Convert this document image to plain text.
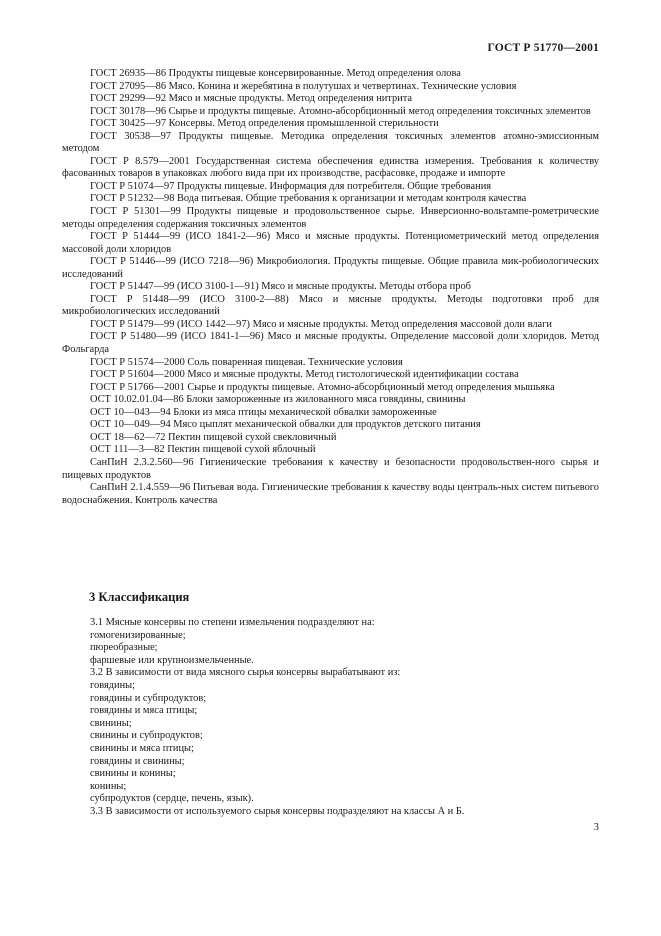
ГОСТ Р 51770—2001

ГОСТ 26935—86 Продукты пищевые консервированные. Метод определения олова

ГОСТ 27095—86 Мясо. Конина и жеребятина в полутушах и четвертинах. Технические условия

ГОСТ 29299—92 Мясо и мясные продукты. Метод определения нитрита

ГОСТ 30178—96 Сырье и продукты пищевые. Атомно-абсорбционный метод определения токсичных элементов

ГОСТ 30425—97 Консервы. Метод определения промышленной стерильности

ГОСТ 30538—97 Продукты пищевые. Методика определения токсичных элементов атомно-эмиссионным методом

ГОСТ Р 8.579—2001 Государственная система обеспечения единства измерения. Требования к количеству фасованных товаров в упаковках любого вида при их производстве, расфасовке, продаже и импорте

ГОСТ Р 51074—97 Продукты пищевые. Информация для потребителя. Общие требования

ГОСТ Р 51232—98 Вода питьевая. Общие требования к организации и методам контроля качества

ГОСТ Р 51301—99 Продукты пищевые и продовольственное сырье. Инверсионно-вольтампе-рометрические методы определения содержания токсичных элементов

ГОСТ Р 51444—99 (ИСО 1841-2—96) Мясо и мясные продукты. Потенциометрический метод определения массовой доли хлоридов

ГОСТ Р 51446—99 (ИСО 7218—96) Микробиология. Продукты пищевые. Общие правила мик-робиологических исследований

ГОСТ Р 51447—99 (ИСО 3100-1—91) Мясо и мясные продукты. Методы отбора проб

ГОСТ Р 51448—99 (ИСО 3100-2—88) Мясо и мясные продукты. Методы подготовки проб для микробиологических исследований

ГОСТ Р 51479—99 (ИСО 1442—97) Мясо и мясные продукты. Метод определения массовой доли влаги

ГОСТ Р 51480—99 (ИСО 1841-1—96) Мясо и мясные продукты. Определение массовой доли хлоридов. Метод Фольгарда

ГОСТ Р 51574—2000 Соль поваренная пищевая. Технические условия

ГОСТ Р 51604—2000 Мясо и мясные продукты. Метод гистологической идентификации состава

ГОСТ Р 51766—2001 Сырье и продукты пищевые. Атомно-абсорбционный метод определения мышьяка

ОСТ 10.02.01.04—86 Блоки замороженные из жилованного мяса говядины, свинины

ОСТ 10—043—94 Блоки из мяса птицы механической обвалки замороженные

ОСТ 10—049—94 Мясо цыплят механической обвалки для продуктов детского питания

ОСТ 18—62—72 Пектин пищевой сухой свекловичный

ОСТ 111—3—82 Пектин пищевой сухой яблочный

СанПиН 2.3.2.560—96 Гигиенические требования к качеству и безопасности продовольствен-ного сырья и пищевых продуктов

СанПиН 2.1.4.559—96 Питьевая вода. Гигиенические требования к качеству воды централь-ных систем питьевого водоснабжения. Контроль качества

3 Классификация

3.1 Мясные консервы по степени измельчения подразделяют на:

гомогенизированные;

пюреобразные;

фаршевые или крупноизмельченные.

3.2 В зависимости от вида мясного сырья консервы вырабатывают из:

говядины;

говядины и субпродуктов;

говядины и мяса птицы;

свинины;

свинины и субпродуктов;

свинины и мяса птицы;

говядины и свинины;

свинины и конины;

конины;

субпродуктов (сердце, печень, язык).

3.3 В зависимости от используемого сырья консервы подразделяют на классы А и Б.

3
